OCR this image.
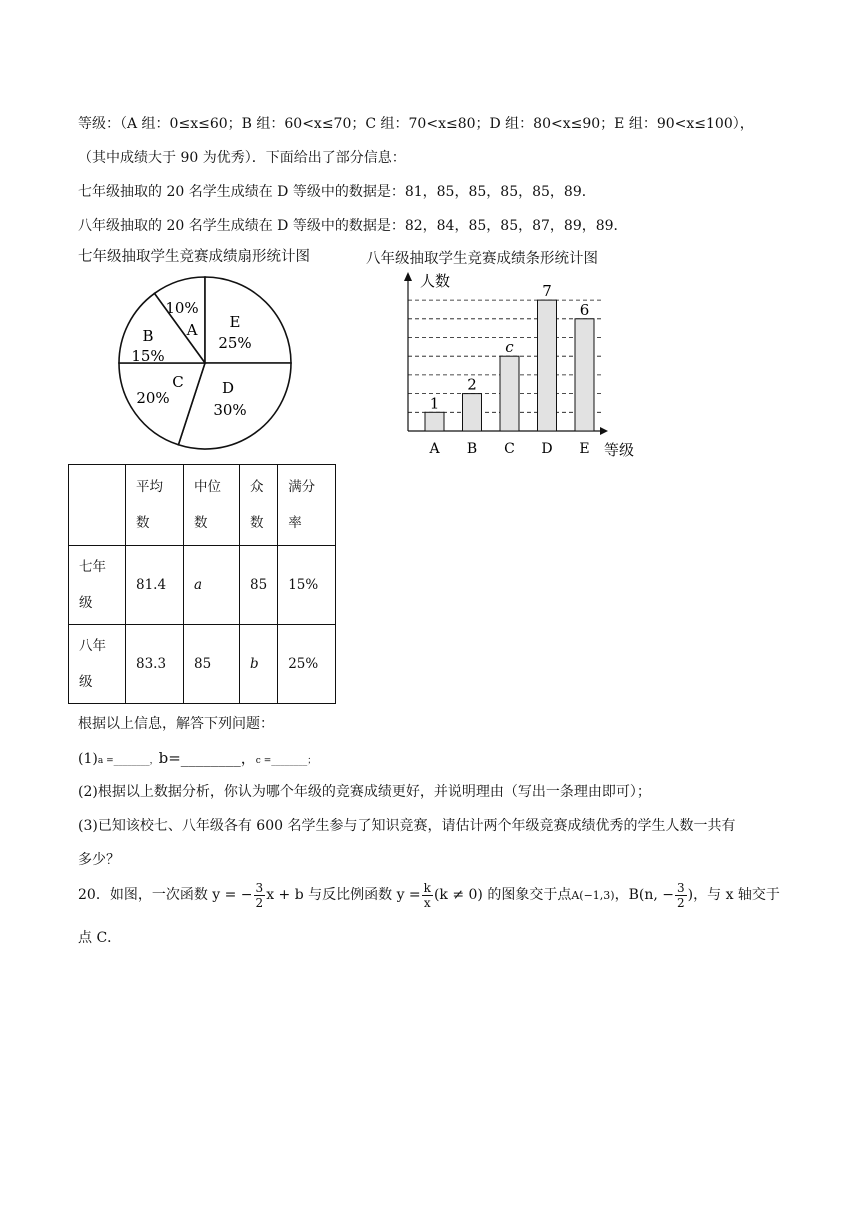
等级：（A 组：0≤x≤60；B 组：60<x≤70；C 组：70<x≤80；D 组：80<x≤90；E 组：90<x≤100），
（其中成绩大于 90 为优秀）．下面给出了部分信息：
七年级抽取的 20 名学生成绩在 D 等级中的数据是：81，85，85，85，85，89．
八年级抽取的 20 名学生成绩在 D 等级中的数据是：82，84，85，85，87，89，89．
七年级抽取学生竞赛成绩扇形统计图	八年级抽取学生竞赛成绩条形统计图
A
10%
E
25%
D
30%
C
20%
B
15%
人数
等级
1
A
2
B
c
C
7
D
6
E
	平均数	中位数	众数	满分率
七年级	81.4	a	85	15%
八年级	83.3	85	b	25%
根据以上信息，解答下列问题：
(1)a =________，b=________，c =________；
(2)根据以上数据分析，你认为哪个年级的竞赛成绩更好，并说明理由（写出一条理由即可）；
(3)已知该校七、八年级各有 600 名学生参与了知识竞赛，请估计两个年级竞赛成绩优秀的学生人数一共有
多少？
20．如图，一次函数 y = − $\frac{3}{2}$ x + b 与反比例函数 $y = \frac{k}{x} (k \ne 0)$ 的图象交于点A(−1,3)，B(n, − $\frac{3}{2}$ )，与 x 轴交于
点 C．
